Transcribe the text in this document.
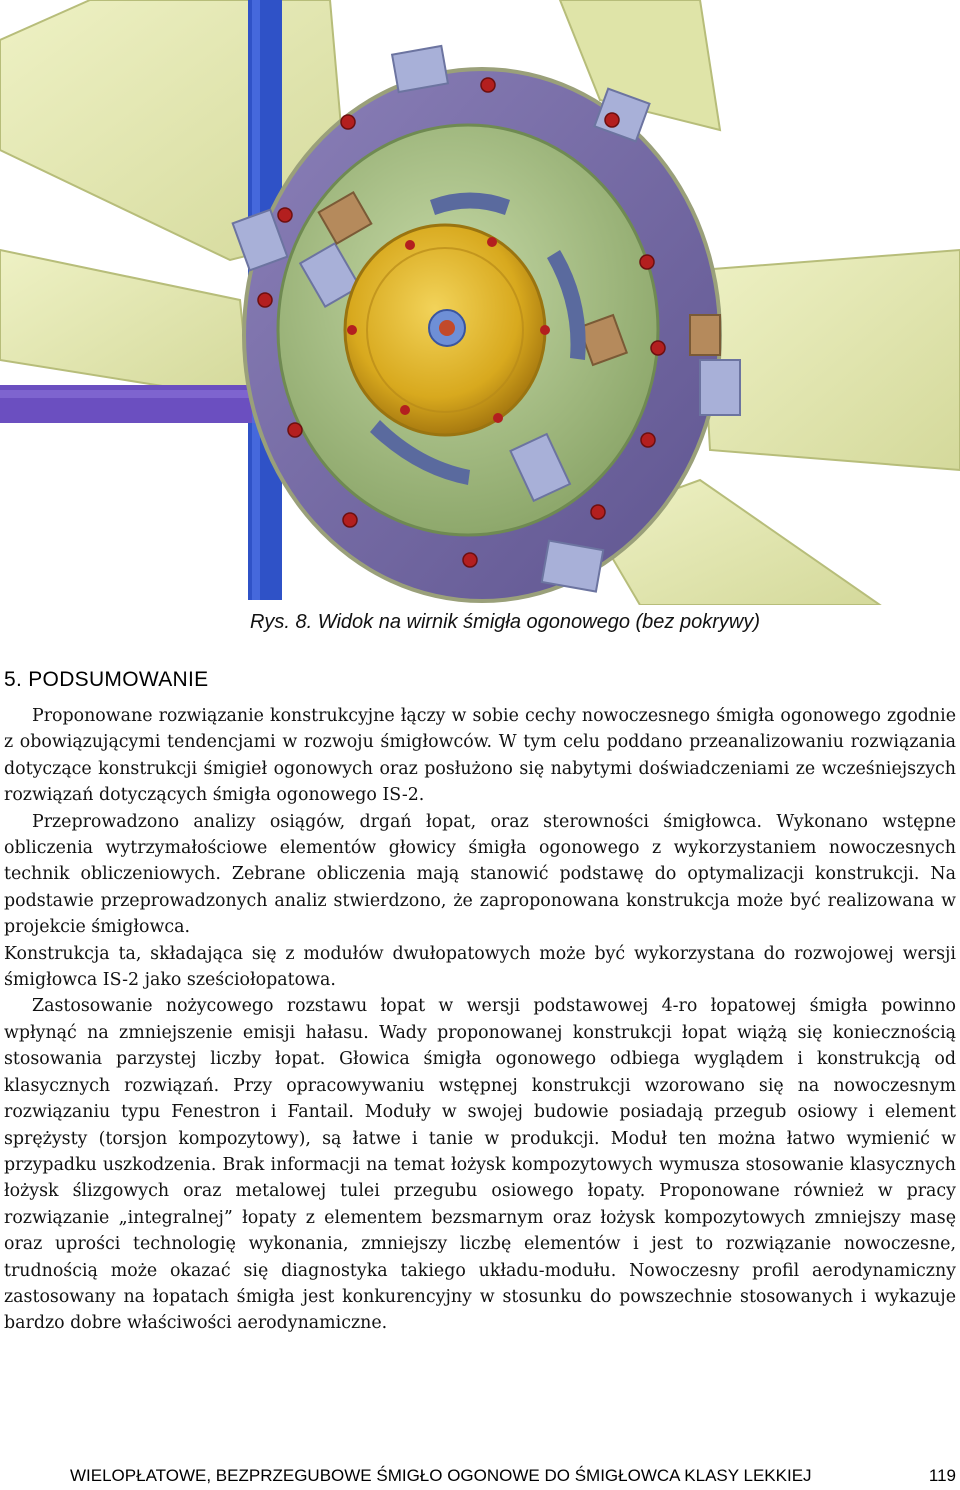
Rys. 8. Widok na wirnik śmigła ogonowego (bez pokrywy)
5. PODSUMOWANIE

Proponowane rozwiązanie konstrukcyjne łączy w sobie cechy nowoczesnego śmigła ogonowego zgodnie z obowiązującymi tendencjami w rozwoju śmigłowców. W tym celu poddano przeanalizowaniu rozwiązania dotyczące konstrukcji śmigieł ogonowych oraz posłużono się nabytymi doświadczeniami ze wcześniejszych rozwiązań dotyczących śmigła ogonowego IS-2.

Przeprowadzono analizy osiągów, drgań łopat, oraz sterowności śmigłowca. Wykonano wstępne obliczenia wytrzymałościowe elementów głowicy śmigła ogonowego z wykorzystaniem nowoczesnych technik obliczeniowych. Zebrane obliczenia mają stanowić podstawę do optymalizacji konstrukcji. Na podstawie przeprowadzonych analiz stwierdzono, że zaproponowana konstrukcja może być realizowana w projekcie śmigłowca.

Konstrukcja ta, składająca się z modułów dwułopatowych może być wykorzystana do rozwojowej wersji śmigłowca IS-2 jako sześciołopatowa.

Zastosowanie nożycowego rozstawu łopat w wersji podstawowej 4-ro łopatowej śmigła powinno wpłynąć na zmniejszenie emisji hałasu. Wady proponowanej konstrukcji łopat wiążą się koniecznością stosowania parzystej liczby łopat. Głowica śmigła ogonowego odbiega wyglądem i konstrukcją od klasycznych rozwiązań. Przy opracowywaniu wstępnej konstrukcji wzorowano się na nowoczesnym rozwiązaniu typu Fenestron i Fantail. Moduły w swojej budowie posiadają przegub osiowy i element sprężysty (torsjon kompozytowy), są łatwe i tanie w produkcji. Moduł ten można łatwo wymienić w przypadku uszkodzenia. Brak informacji na temat łożysk kompozytowych wymusza stosowanie klasycznych łożysk ślizgowych oraz metalowej tulei przegubu osiowego łopaty. Proponowane również w pracy rozwiązanie „integralnej” łopaty z elementem bezsmarnym oraz łożysk kompozytowych zmniejszy masę oraz uprości technologię wykonania, zmniejszy liczbę elementów i jest to rozwiązanie nowoczesne, trudnością może okazać się diagnostyka takiego układu-modułu. Nowoczesny profil aerodynamiczny zastosowany na łopatach śmigła jest konkurencyjny w stosunku do powszechnie stosowanych i wykazuje bardzo dobre właściwości aerodynamiczne.

WIELOPŁATOWE, BEZPRZEGUBOWE ŚMIGŁO OGONOWE DO ŚMIGŁOWCA KLASY LEKKIEJ	119
